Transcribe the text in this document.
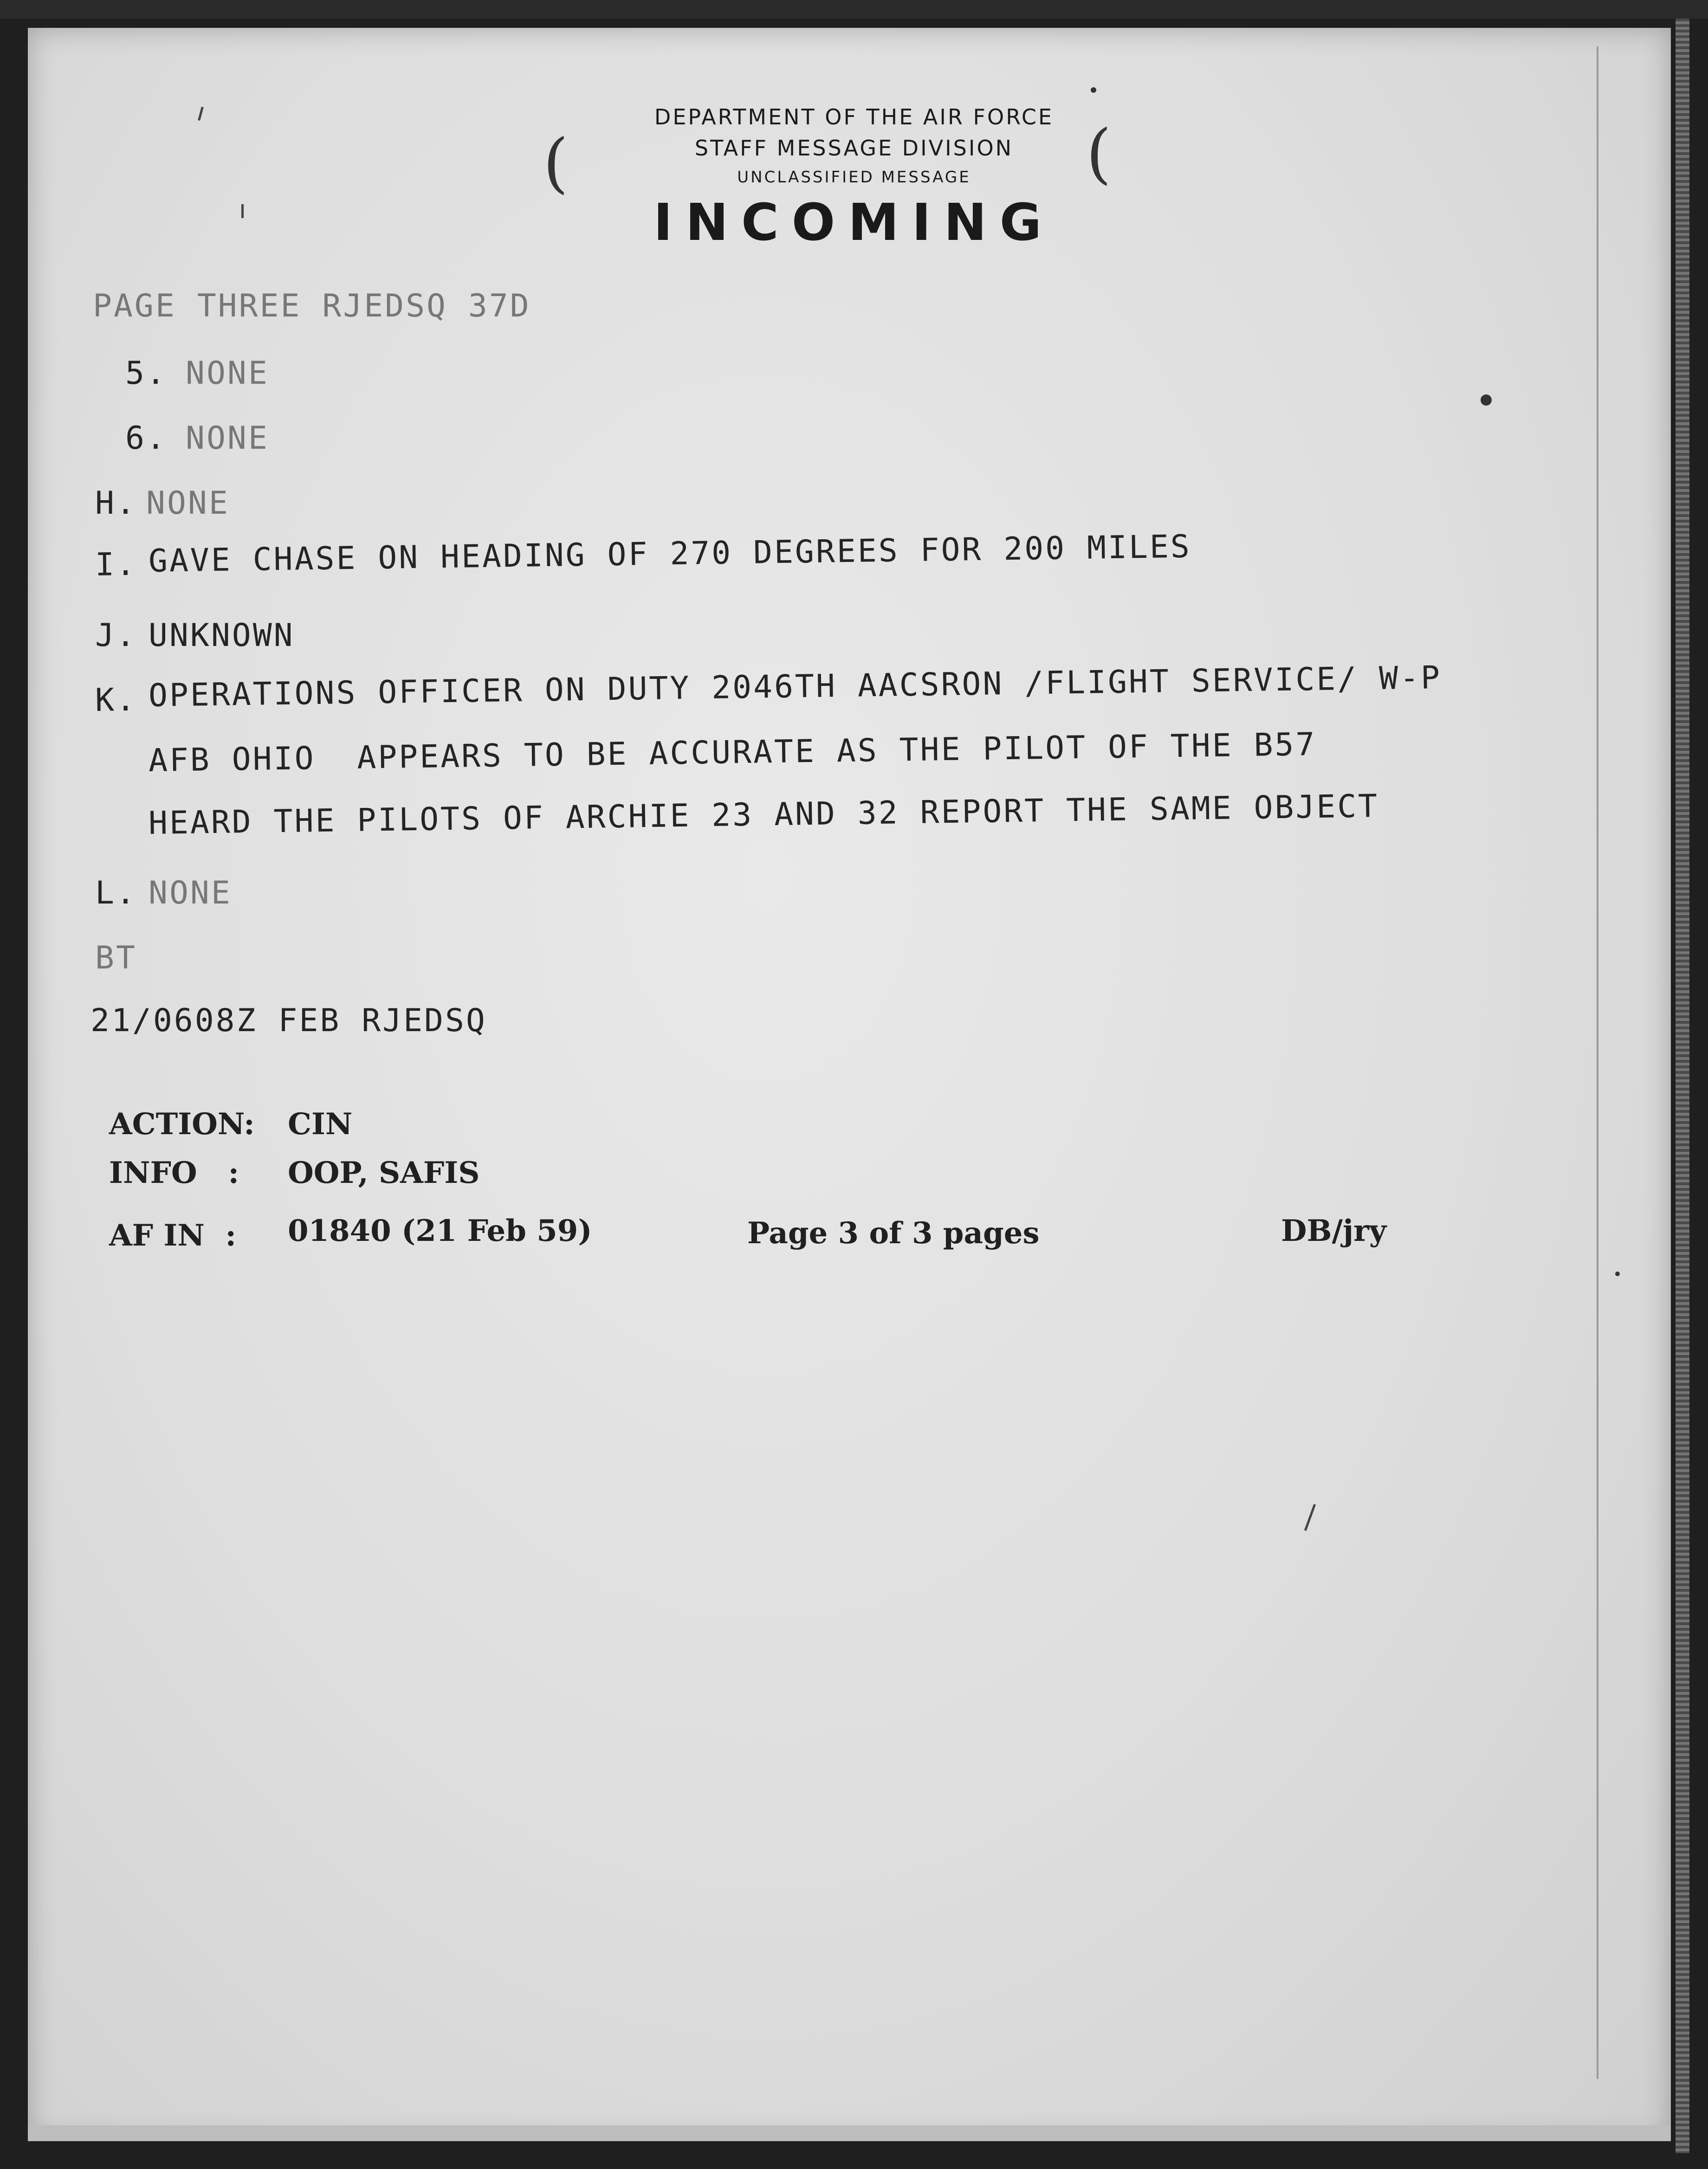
DEPARTMENT OF THE AIR FORCE
STAFF MESSAGE DIVISION
UNCLASSIFIED MESSAGE
INCOMING
(	(
PAGE THREE RJEDSQ 37D
5. NONE
6. NONE
H. NONE
I. GAVE CHASE ON HEADING OF 270 DEGREES FOR 200 MILES
J. UNKNOWN
K. OPERATIONS OFFICER ON DUTY 2046TH AACSRON /FLIGHT SERVICE/ W-P
AFB OHIO  APPEARS TO BE ACCURATE AS THE PILOT OF THE B57
HEARD THE PILOTS OF ARCHIE 23 AND 32 REPORT THE SAME OBJECT
L. NONE
BT
21/0608Z FEB RJEDSQ
ACTION: CIN
INFO   : OOP, SAFIS
AF IN  : 01840 (21 Feb 59)	Page 3 of 3 pages	DB/jry
